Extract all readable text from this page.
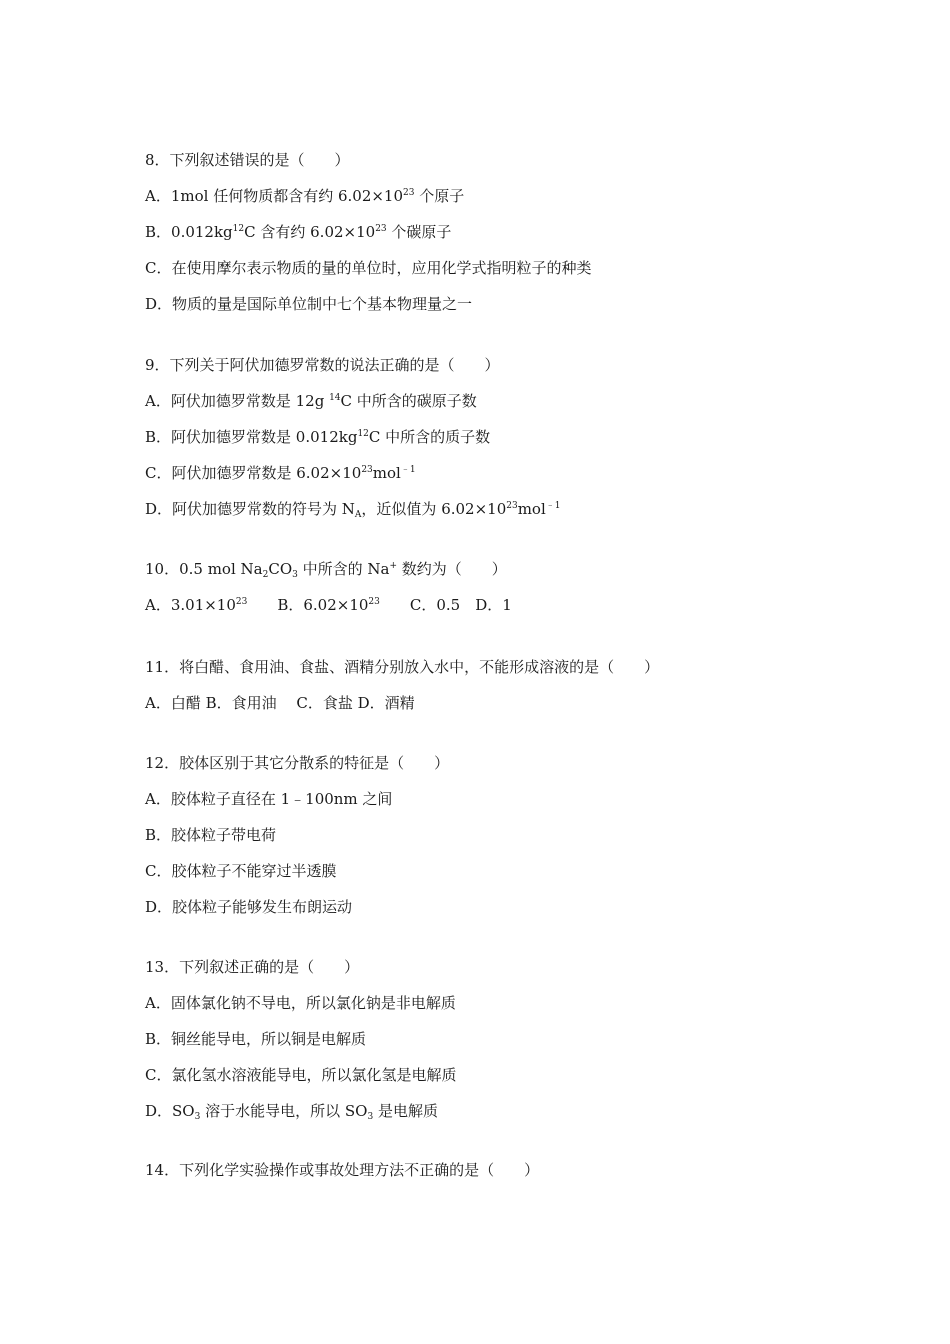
8．下列叙述错误的是（　　）
A．1mol 任何物质都含有约 $6.02\times 10^{23}$ 个原子
B．$0.012kg^{12}C$ 含有约 $6.02\times 10^{23}$ 个碳原子
C．在使用摩尔表示物质的量的单位时，应用化学式指明粒子的种类
D．物质的量是国际单位制中七个基本物理量之一
9．下列关于阿伏加德罗常数的说法正确的是（　　）
A．阿伏加德罗常数是 12g $^{14}$C 中所含的碳原子数
B．阿伏加德罗常数是 $0.012kg^{12}C$ 中所含的质子数
C．阿伏加德罗常数是 $6.02\times 10^{23}mol^{﹣1}$
D．阿伏加德罗常数的符号为 $N_A$，近似值为 $6.02\times 10^{23}mol^{﹣1}$
10．0.5 mol $Na_2CO_3$ 中所含的 Na+ 数约为（　　）
A．$3.01\times 10^{23}$　　B．$6.02\times 10^{23}$　　C．0.5　D．1
11．将白醋、食用油、食盐、酒精分别放入水中，不能形成溶液的是（　　）
A．白醋 B．食用油　 C．食盐 D．酒精
12．胶体区别于其它分散系的特征是（　　）
A．胶体粒子直径在 1﹣100nm 之间
B．胶体粒子带电荷
C．胶体粒子不能穿过半透膜
D．胶体粒子能够发生布朗运动
13．下列叙述正确的是（　　）
A．固体氯化钠不导电，所以氯化钠是非电解质
B．铜丝能导电，所以铜是电解质
C．氯化氢水溶液能导电，所以氯化氢是电解质
D．$SO_3$ 溶于水能导电，所以 $SO_3$ 是电解质
14．下列化学实验操作或事故处理方法不正确的是（　　）
